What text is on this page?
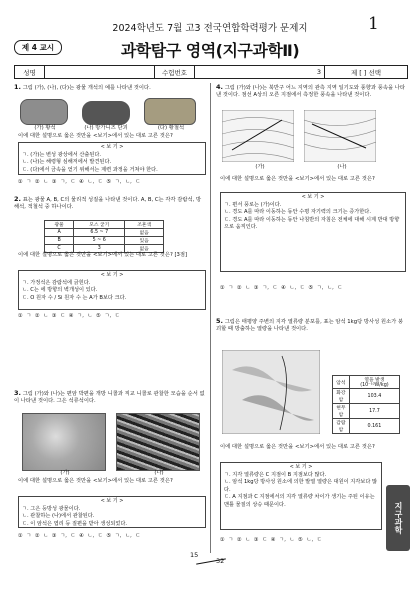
2024학년도 7월 고3 전국연합학력평가 문제지	1
제 4 교시	과학탐구 영역(지구과학Ⅱ)
성명	수험번호	3	제 [ ] 선택
1. 그림 (가), (나), (다)는 광물 개석의 예를 나타낸 것이다.
(가) 황석	(나) 방가니즈 단괴	(다) 황철석
이에 대한 설명으로 옳은 것만을 <보기>에서 있는 대로 고른 것은?
< 보 기 >
ㄱ. (가)는 변성 광상에서 산출된다.
ㄴ. (나)는 해령형 심해저에서 발견된다.
ㄷ. (다)에서 금속을 얻기 위해서는 제련 과정을 거쳐야 한다.
① ㄱ ② ㄴ ③ ㄱ, ㄷ ④ ㄴ, ㄷ ⑤ ㄱ, ㄴ, ㄷ
2. 표는 광물 A, B, C의 물리적 성질을 나타낸 것이다. A, B, C는 각각 감람석, 방해석, 적철석 중 하나이다.
광물	모스 굳기	조흔색
A	6.5 ~ 7	없음
B	5 ~ 6	있음
C	3	없음
이에 대한 설명으로 옳은 것만을 <보기>에서 있는 대로 고른 것은? [3점]
< 보 기 >
ㄱ. 가정석은 감람석에 긁힌다.
ㄴ. C는 에 방향의 벽개성이 있다.
ㄷ. O 원자 수 / Si 원자 수 는 A가 B보다 크다.
① ㄱ ② ㄴ ③ ㄷ ④ ㄱ, ㄴ ⑤ ㄱ, ㄷ
3. 그림 (가)와 (나)는 편암 박편을 개방 니콜과 직교 니콜로 관찰한 모습을 순서 없이 나타낸 것이다. 그은 석류석이다.
(가)	(나)
이에 대한 설명으로 옳은 것만을 <보기>에서 있는 대로 고른 것은?
< 보 기 >
ㄱ. 그은 등방성 광물이다.
ㄴ. 관찰하는 (나)에서 관찰된다.
ㄷ. 이 암석은 엽리 등 질편을 받아 생성되었다.
① ㄱ ② ㄴ ③ ㄱ, ㄷ ④ ㄴ, ㄷ ⑤ ㄱ, ㄴ, ㄷ
4. 그림 (가)와 (나)는 북반구 어느 지역의 관측 지역 일기도와 풍향과 풍속을 나타낸 것이다. 점선 A상의 오른 지점에서 측정한 풍속을 나타낸 것이다.
(가)	(나)
이에 대한 설명으로 옳은 것만을 <보기>에서 있는 대로 고른 것은?
< 보 기 >
ㄱ. 편서 풍로는 (가)이다.
ㄴ. 경도 A를 따라 이동하는 동안 수평 자기력의 크기는 증가한다.
ㄷ. 경도 A를 따라 이동하는 동안 나침반의 자침은 전체에 대해 시계 반대 방향으로 움직인다.
① ㄱ ② ㄴ ③ ㄱ, ㄷ ④ ㄴ, ㄷ ⑤ ㄱ, ㄴ, ㄷ
5. 그림은 태평양 주변의 지각 열류량 분포를, 표는 암석 1kg당 방사성 원소가 붕괴할 때 방출하는 열량을 나타낸 것이다.
암석	열을 발생 (10⁻¹⁰W/kg)
화강암	103.4
현무암	17.7
감람암	0.161
이에 대한 설명으로 옳은 것만을 <보기>에서 있는 대로 고른 것은?
< 보 기 >
ㄱ. 지각 열류량은 C 지점이 B 지점보다 많다.
ㄴ. 암석 1kg당 방사성 원소에 의한 발열 열량은 대원이 지각보다 많다.
ㄷ. A 지점과 C 지점에서의 지각 열류량 차이가 생기는 주된 이유는 맨틀 물질의 상승 때문이다.
① ㄱ ② ㄴ ③ ㄷ ④ ㄱ, ㄴ ⑤ ㄴ, ㄷ
지구과학
15
32
